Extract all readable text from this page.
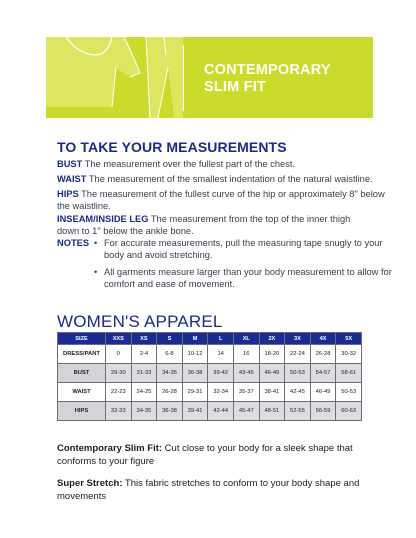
CONTEMPORARY
SLIM FIT
TO TAKE YOUR MEASUREMENTS
BUST The measurement over the fullest part of the chest.
WAIST The measurement of the smallest indentation of the natural waistline.
HIPS The measurement of the fullest curve of the hip or approximately 8" below the waistline.
INSEAM/INSIDE LEG The measurement from the top of the inner thigh down to 1" below the ankle bone.
NOTES • For accurate measurements, pull the measuring tape snugly to your body and avoid stretching.
• All garments measure larger than your body measurement to allow for comfort and ease of movement.
WOMEN'S APPAREL
SIZE	XXS	XS	S	M	L	XL	2X	3X	4X	5X
DRESS/PANT	0	2-4	6-8	10-12	14	16	18-20	22-24	26-28	30-32
BUST	29-30	31-33	34-35	36-38	39-42	43-45	46-49	50-53	54-57	58-61
WAIST	22-23	24-25	26-28	29-31	32-34	35-37	38-41	42-45	46-49	50-53
HIPS	32-33	34-35	36-38	39-41	42-44	45-47	48-51	52-55	56-59	60-63
Contemporary Slim Fit: Cut close to your body for a sleek shape that conforms to your figure
Super Stretch: This fabric stretches to conform to your body shape and movements
